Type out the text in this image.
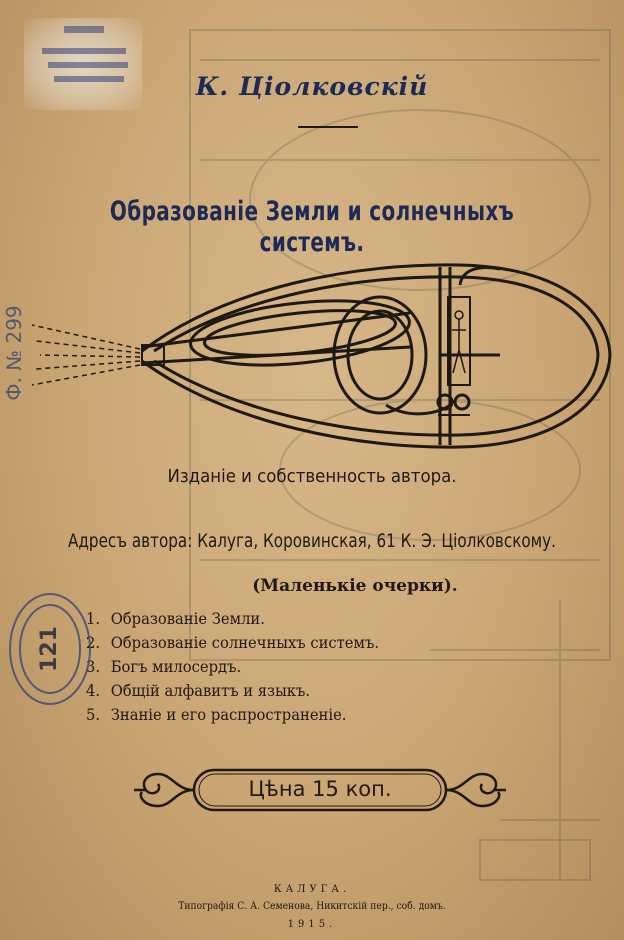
Ф. № 299
К. Ціолковскій
Образованіе Земли и солнечныхъ системъ.
Изданіе и собственность автора.
Адресъ автора: Калуга, Коровинская, 61 К. Э. Ціолковскому.
(Маленькіе очерки).
1. Образованіе Земли.
2. Образованіе солнечныхъ системъ.
3. Богъ милосердъ.
4. Общій алфавитъ и языкъ.
5. Знаніе и его распространеніе.
121
Цѣна 15 коп.
КАЛУГА.
Типографія С. А. Семенова, Никитскій пер., соб. домъ.
1915.
